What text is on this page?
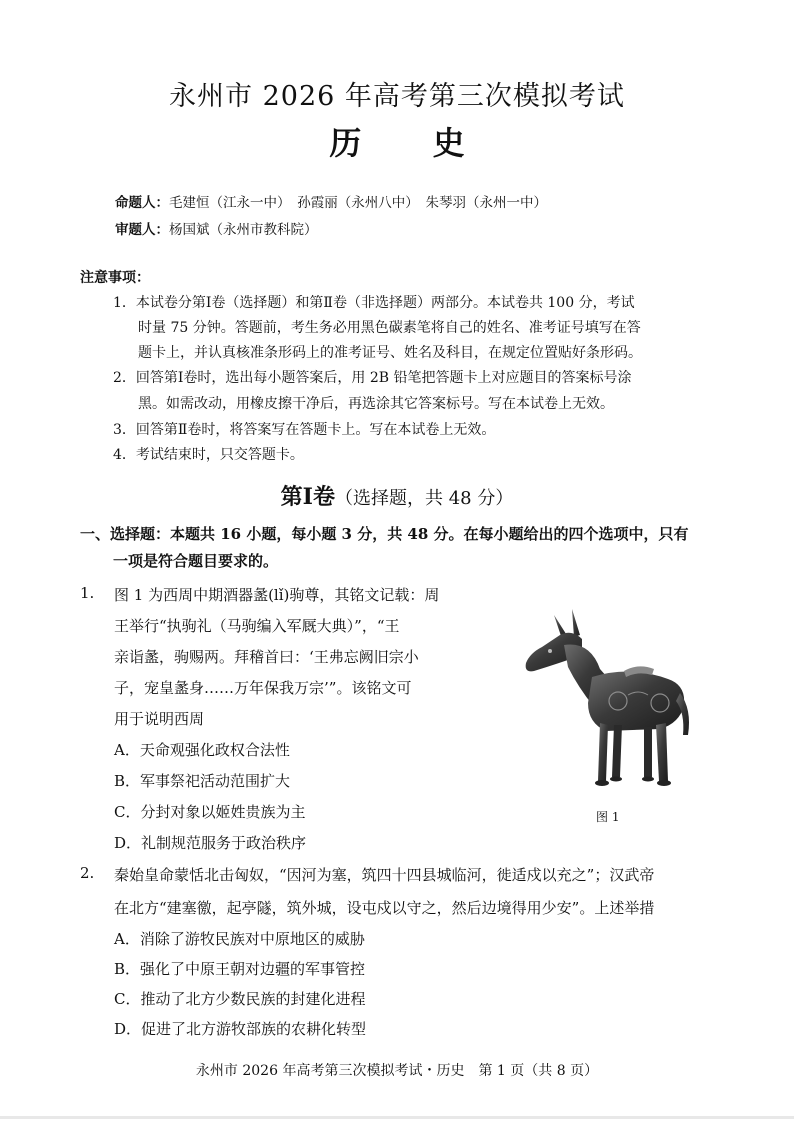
永州市 2026 年高考第三次模拟考试
历 史
命题人：毛建恒（江永一中）　孙霞丽（永州八中）　朱琴羽（永州一中）
审题人：杨国斌（永州市教科院）
注意事项：
1．本试卷分第Ⅰ卷（选择题）和第Ⅱ卷（非选择题）两部分。本试卷共 100 分，考试
时量 75 分钟。答题前，考生务必用黑色碳素笔将自己的姓名、准考证号填写在答
题卡上，并认真核准条形码上的准考证号、姓名及科目，在规定位置贴好条形码。
2．回答第Ⅰ卷时，选出每小题答案后，用 2B 铅笔把答题卡上对应题目的答案标号涂
黑。如需改动，用橡皮擦干净后，再选涂其它答案标号。写在本试卷上无效。
3．回答第Ⅱ卷时，将答案写在答题卡上。写在本试卷上无效。
4．考试结束时，只交答题卡。
第Ⅰ卷（选择题，共 48 分）
一、选择题：本题共 16 小题，每小题 3 分，共 48 分。在每小题给出的四个选项中，只有
一项是符合题目要求的。
1. 图 1 为西周中期酒器盠(lǐ)驹尊，其铭文记载：周
王举行“执驹礼（马驹编入军厩大典）”，“王
亲诣盠，驹赐两。拜稽首曰：‘王弗忘阙旧宗小
子，宠皇盠身……万年保我万宗’”。该铭文可
用于说明西周
A．天命观强化政权合法性
B．军事祭祀活动范围扩大
C．分封对象以姬姓贵族为主
D．礼制规范服务于政治秩序
图 1
2. 秦始皇命蒙恬北击匈奴，“因河为塞，筑四十四县城临河，徙适戍以充之”；汉武帝
在北方“建塞徼，起亭隧，筑外城，设屯戍以守之，然后边境得用少安”。上述举措
A．消除了游牧民族对中原地区的威胁
B．强化了中原王朝对边疆的军事管控
C．推动了北方少数民族的封建化进程
D．促进了北方游牧部族的农耕化转型
永州市 2026 年高考第三次模拟考试・历史　第 1 页（共 8 页）
